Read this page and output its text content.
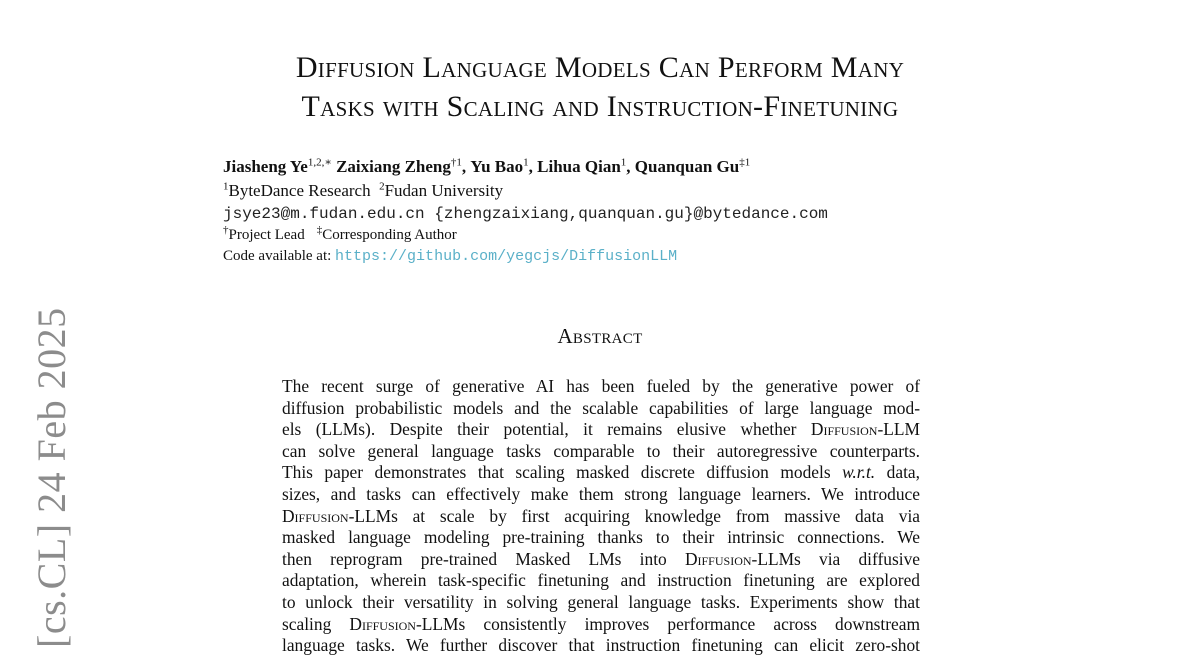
[cs.CL] 24 Feb 2025
Diffusion Language Models Can Perform Many
Tasks with Scaling and Instruction-Finetuning
Jiasheng $Ye^{1,2,∗}$ Zaixiang Zheng$^{\dagger 1}$, Yu Bao$^1$, Lihua Qian$^1$, Quanquan Gu$^{\ddagger 1}$
$^1$ByteDance Research $^2$Fudan University
jsye23@m.fudan.edu.cn {zhengzaixiang,quanquan.gu}@bytedance.com
†Project Lead ‡Corresponding Author
Code available at: https://github.com/yegcjs/DiffusionLLM
Abstract
The recent surge of generative AI has been fueled by the generative power of
diffusion probabilistic models and the scalable capabilities of large language mod-
els (LLMs). Despite their potential, it remains elusive whether Diffusion-LLM
can solve general language tasks comparable to their autoregressive counterparts.
This paper demonstrates that scaling masked discrete diffusion models w.r.t. data,
sizes, and tasks can effectively make them strong language learners. We introduce
Diffusion-LLMs at scale by first acquiring knowledge from massive data via
masked language modeling pre-training thanks to their intrinsic connections. We
then reprogram pre-trained Masked LMs into Diffusion-LLMs via diffusive
adaptation, wherein task-specific finetuning and instruction finetuning are explored
to unlock their versatility in solving general language tasks. Experiments show that
scaling Diffusion-LLMs consistently improves performance across downstream
language tasks. We further discover that instruction finetuning can elicit zero-shot
